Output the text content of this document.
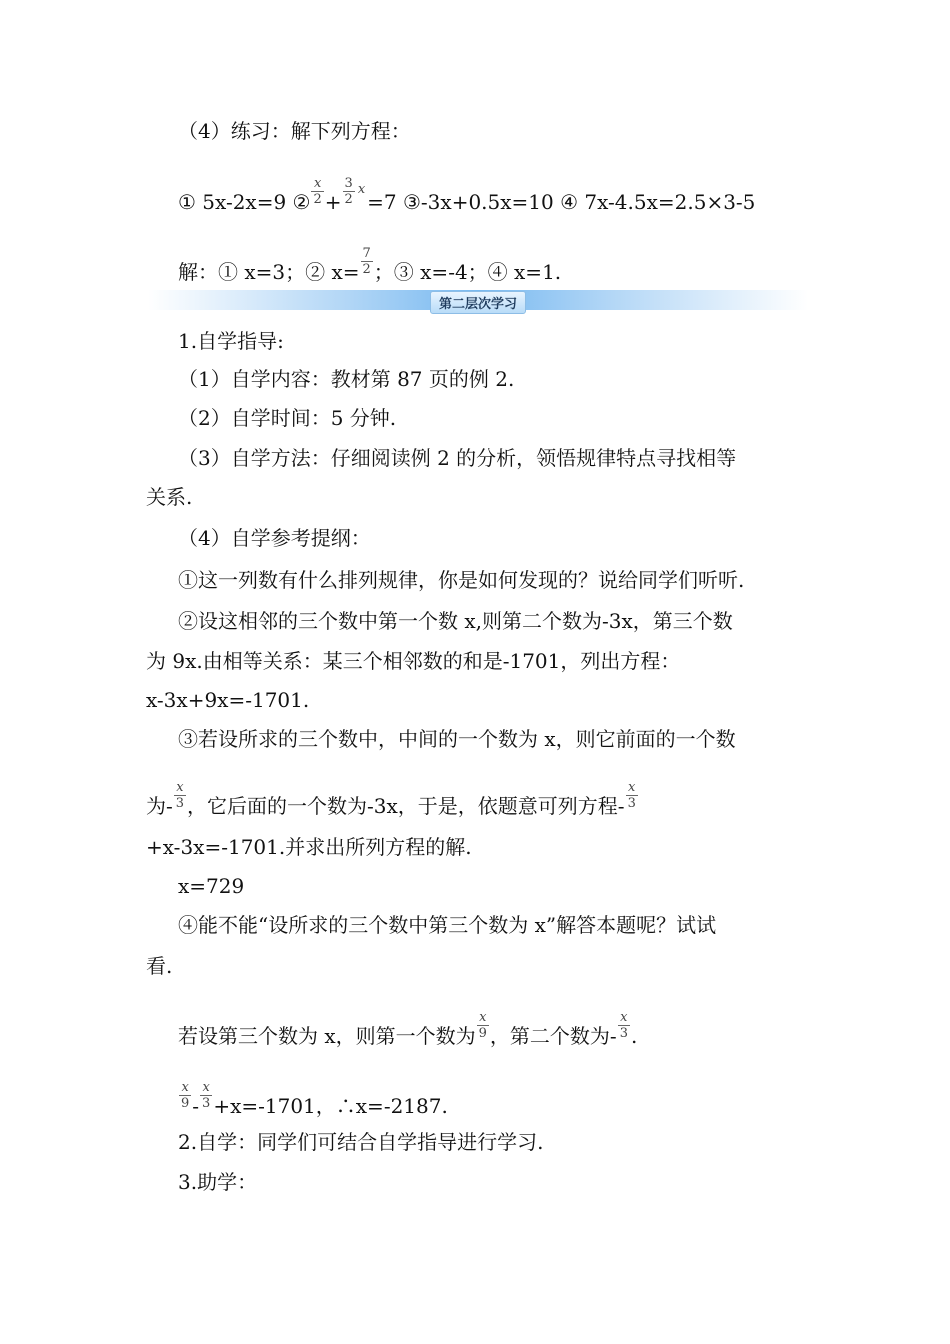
（4）练习：解下列方程：
① 5x-2x=9 ② $\frac{x}{2} + \frac{3}{2} ^x=7$ ③-3x+0.5x=10 ④ 7x-4.5x=2.5×3-5
解：① x=3；② $x= \frac{7}{2}$ ；③ x=-4；④ x=1.
第二层次学习
1.自学指导:
（1）自学内容：教材第 87 页的例 2.
（2）自学时间：5 分钟.
（3）自学方法：仔细阅读例 2 的分析，领悟规律特点寻找相等
关系.
（4）自学参考提纲：
①这一列数有什么排列规律，你是如何发现的？说给同学们听听.
②设这相邻的三个数中第一个数 x,则第二个数为-3x，第三个数
为 9x.由相等关系：某三个相邻数的和是-1701，列出方程：
x-3x+9x=-1701.
③若设所求的三个数中，中间的一个数为 x，则它前面的一个数
为- $\frac{x}{3}$ ，它后面的一个数为-3x，于是，依题意可列方程- $\frac{x}{3}$
+x-3x=-1701.并求出所列方程的解.
x=729
④能不能“设所求的三个数中第三个数为 x”解答本题呢？试试
看.
若设第三个数为 x，则第一个数为 $\frac{x}{9}$ ，第二个数为- $\frac{x}{3}$ .
$\frac{x}{9} - \frac{x}{3} +x=-1701$，∴x=-2187.
2.自学：同学们可结合自学指导进行学习.
3.助学：
